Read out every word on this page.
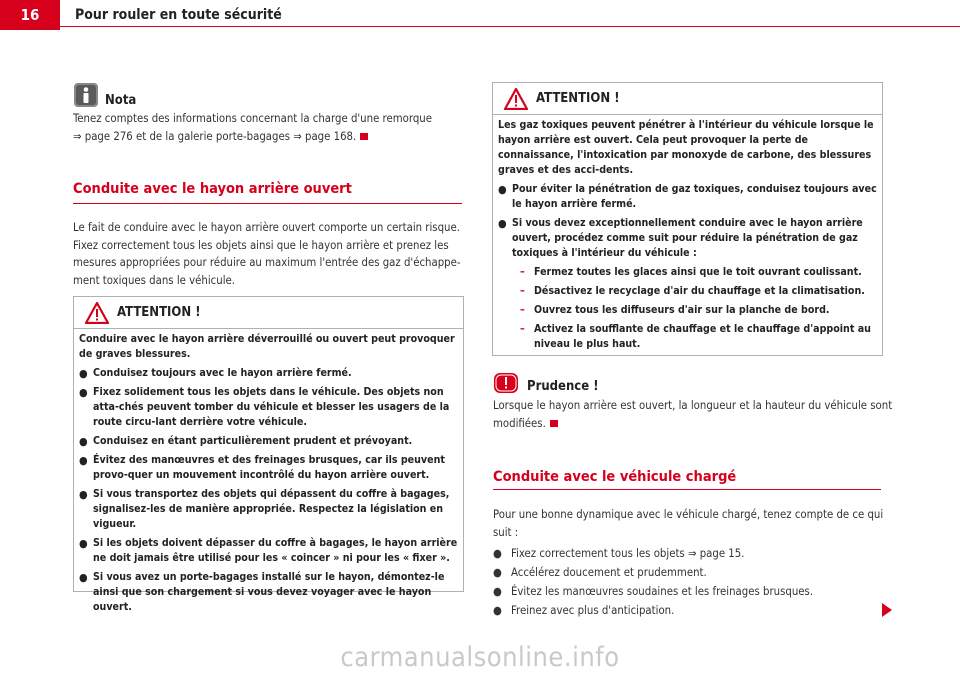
16	Pour rouler en toute sécurité
Nota
Tenez comptes des informations concernant la charge d'une remorque
⇒ page 276 et de la galerie porte-bagages ⇒ page 168.
Conduite avec le hayon arrière ouvert
Le fait de conduire avec le hayon arrière ouvert comporte un certain risque.
Fixez correctement tous les objets ainsi que le hayon arrière et prenez les
mesures appropriées pour réduire au maximum l'entrée des gaz d'échappe-
ment toxiques dans le véhicule.
ATTENTION !

Conduire avec le hayon arrière déverrouillé ou ouvert peut provoquer de graves blessures.

● Conduisez toujours avec le hayon arrière fermé.
● Fixez solidement tous les objets dans le véhicule. Des objets non atta-chés peuvent tomber du véhicule et blesser les usagers de la route circu-lant derrière votre véhicule.
● Conduisez en étant particulièrement prudent et prévoyant.
● Évitez des manœuvres et des freinages brusques, car ils peuvent provo-quer un mouvement incontrôlé du hayon arrière ouvert.
● Si vous transportez des objets qui dépassent du coffre à bagages, signalisez-les de manière appropriée. Respectez la législation en vigueur.
● Si les objets doivent dépasser du coffre à bagages, le hayon arrière ne doit jamais être utilisé pour les « coincer » ni pour les « fixer ».
● Si vous avez un porte-bagages installé sur le hayon, démontez-le ainsi que son chargement si vous devez voyager avec le hayon ouvert.
ATTENTION !

Les gaz toxiques peuvent pénétrer à l'intérieur du véhicule lorsque le hayon arrière est ouvert. Cela peut provoquer la perte de connaissance, l'intoxication par monoxyde de carbone, des blessures graves et des acci-dents.

● Pour éviter la pénétration de gaz toxiques, conduisez toujours avec le hayon arrière fermé.
● Si vous devez exceptionnellement conduire avec le hayon arrière ouvert, procédez comme suit pour réduire la pénétration de gaz toxiques à l'intérieur du véhicule :
– Fermez toutes les glaces ainsi que le toit ouvrant coulissant.
– Désactivez le recyclage d'air du chauffage et la climatisation.
– Ouvrez tous les diffuseurs d'air sur la planche de bord.
– Activez la soufflante de chauffage et le chauffage d'appoint au niveau le plus haut.
Prudence !
Lorsque le hayon arrière est ouvert, la longueur et la hauteur du véhicule sont
modifiées.
Conduite avec le véhicule chargé
Pour une bonne dynamique avec le véhicule chargé, tenez compte de ce qui
suit :
● Fixez correctement tous les objets ⇒ page 15.
● Accélérez doucement et prudemment.
● Évitez les manœuvres soudaines et les freinages brusques.
● Freinez avec plus d'anticipation.
carmanualsonline.info
